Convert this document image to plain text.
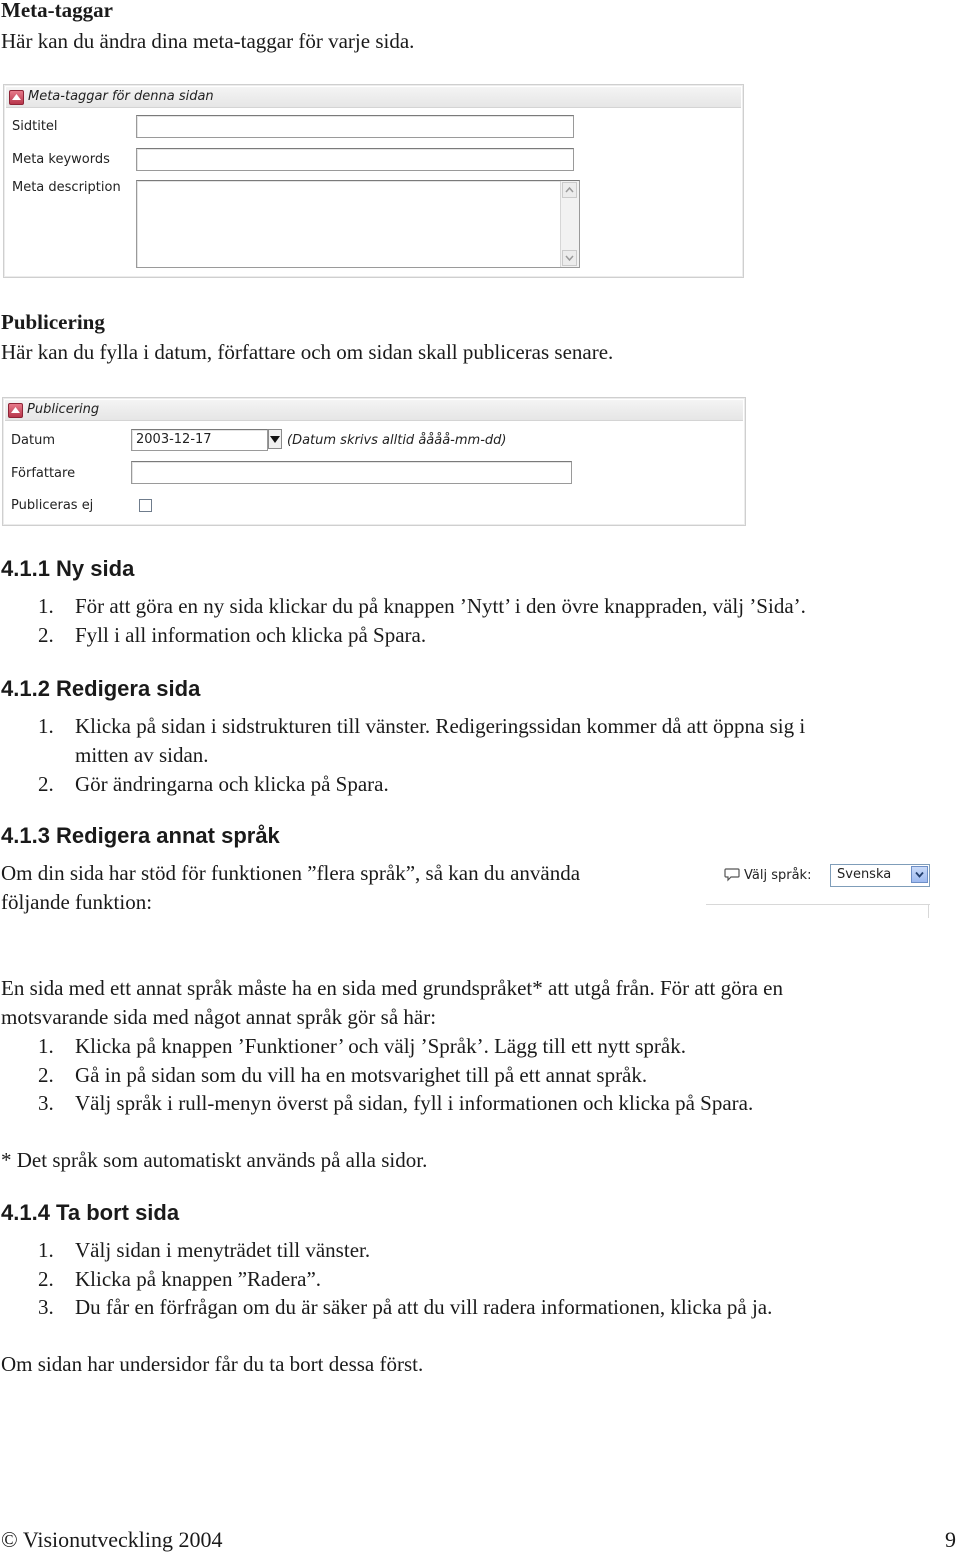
Meta-taggar
Här kan du ändra dina meta-taggar för varje sida.
Meta-taggar för denna sidan
Sidtitel
Meta keywords
Meta description
Publicering
Här kan du fylla i datum, författare och om sidan skall publiceras senare.
Publicering
Datum	2003-12-17	(Datum skrivs alltid åååå-mm-dd)
Författare
Publiceras ej
4.1.1 Ny sida
1. För att göra en ny sida klickar du på knappen ’Nytt’ i den övre knappraden, välj ’Sida’.
2. Fyll i all information och klicka på Spara.
4.1.2 Redigera sida
1. Klicka på sidan i sidstrukturen till vänster. Redigeringssidan kommer då att öppna sig i
mitten av sidan.
2. Gör ändringarna och klicka på Spara.
4.1.3 Redigera annat språk
Om din sida har stöd för funktionen ”flera språk”, så kan du använda
följande funktion:
Välj språk: Svenska
En sida med ett annat språk måste ha en sida med grundspråket* att utgå från. För att göra en
motsvarande sida med något annat språk gör så här:
1. Klicka på knappen ’Funktioner’ och välj ’Språk’. Lägg till ett nytt språk.
2. Gå in på sidan som du vill ha en motsvarighet till på ett annat språk.
3. Välj språk i rull-menyn överst på sidan, fyll i informationen och klicka på Spara.
* Det språk som automatiskt används på alla sidor.
4.1.4 Ta bort sida
1. Välj sidan i menyträdet till vänster.
2. Klicka på knappen ”Radera”.
3. Du får en förfrågan om du är säker på att du vill radera informationen, klicka på ja.
Om sidan har undersidor får du ta bort dessa först.
© Visionutveckling 2004	9
